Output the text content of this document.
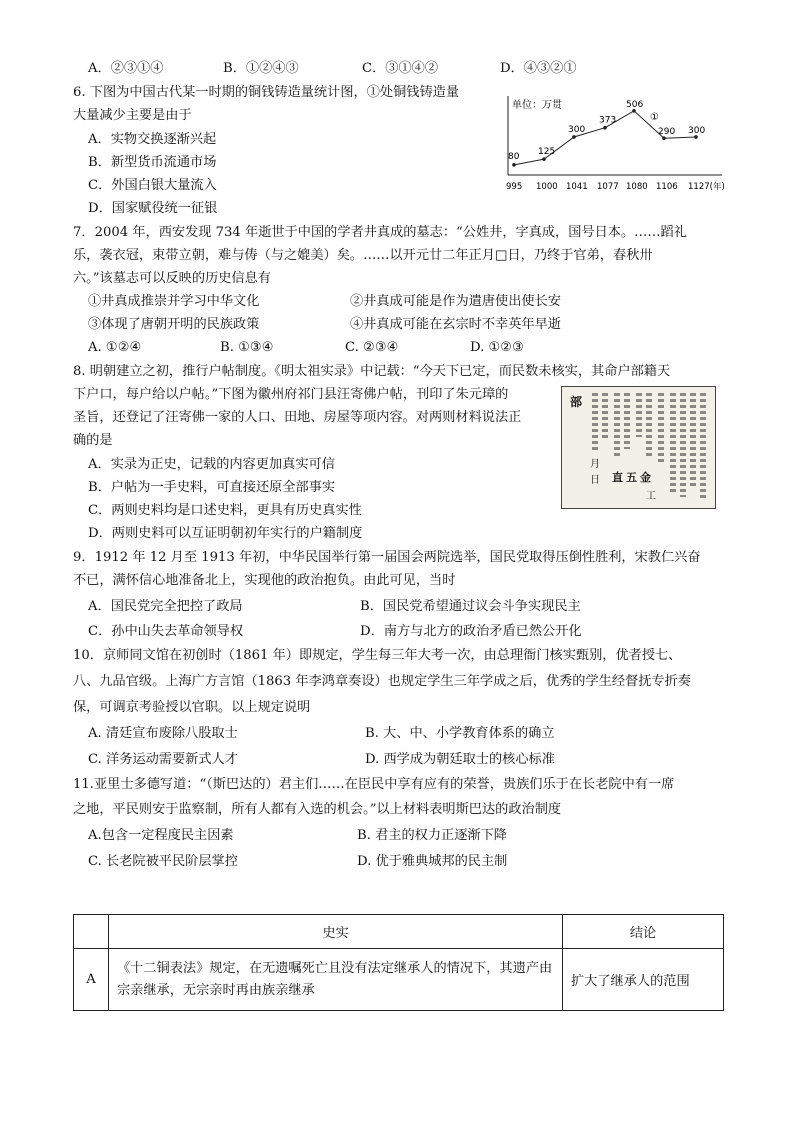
A．②③①④	B．①②④③	C．③①④②	D．④③②①
6. 下图为中国古代某一时期的铜钱铸造量统计图，①处铜钱铸造量
大量减少主要是由于
A．实物交换逐渐兴起
B．新型货币流通市场
C．外国白银大量流入
D．国家赋役统一征银
单位：万贯
80
995
125
1000
300
1041
373
1077
506
1080
290
1106
300
1127(年)
①
7．2004 年，西安发现 734 年逝世于中国的学者井真成的墓志：“公姓井，字真成，国号日本。……蹈礼
乐，袭衣冠，束带立朝，难与俦（与之媲美）矣。……以开元廿二年正月□日，乃终于官弟，春秋卅
六。”该墓志可以反映的历史信息有
①井真成推崇并学习中华文化	②井真成可能是作为遣唐使出使长安
③体现了唐朝开明的民族政策	④井真成可能在玄宗时不幸英年早逝
A. ①②④	B. ①③④	C. ②③④	D. ①②③
8. 明朝建立之初，推行户帖制度。《明太祖实录》中记载：“今天下已定，而民数未核实，其命户部籍天
下户口，每户给以户帖。”下图为徽州府祁门县汪寄佛户帖，刊印了朱元璋的
圣旨，还登记了汪寄佛一家的人口、田地、房屋等项内容。对两则材料说法正
确的是
A．实录为正史，记载的内容更加真实可信
B．户帖为一手史料，可直接还原全部事实
C．两则史料均是口述史料，更具有历史真实性
D．两则史料可以互证明朝初年实行的户籍制度
部
月
日 直 五 金
工
9．1912 年 12 月至 1913 年初，中华民国举行第一届国会两院选举，国民党取得压倒性胜利，宋教仁兴奋
不已，满怀信心地准备北上，实现他的政治抱负。由此可见，当时
A．国民党完全把控了政局	B．国民党希望通过议会斗争实现民主
C．孙中山失去革命领导权	D．南方与北方的政治矛盾已然公开化
10．京师同文馆在初创时（1861 年）即规定，学生每三年大考一次，由总理衙门核实甄别，优者授七、
八、九品官级。上海广方言馆（1863 年李鸿章奏设）也规定学生三年学成之后，优秀的学生经督抚专折奏
保，可调京考验授以官职。以上规定说明
A. 清廷宣布废除八股取士	B. 大、中、小学教育体系的确立
C. 洋务运动需要新式人才	D. 西学成为朝廷取士的核心标准
11.亚里士多德写道：“（斯巴达的）君主们……在臣民中享有应有的荣誉，贵族们乐于在长老院中有一席
之地，平民则安于监察制，所有人都有入选的机会。”以上材料表明斯巴达的政治制度
A.包含一定程度民主因素	B. 君主的权力正逐渐下降
C. 长老院被平民阶层掌控	D. 优于雅典城邦的民主制
	史实	结论
A	《十二铜表法》规定，在无遗嘱死亡且没有法定继承人的情况下，其遗产由宗亲继承，无宗亲时再由族亲继承	扩大了继承人的范围
